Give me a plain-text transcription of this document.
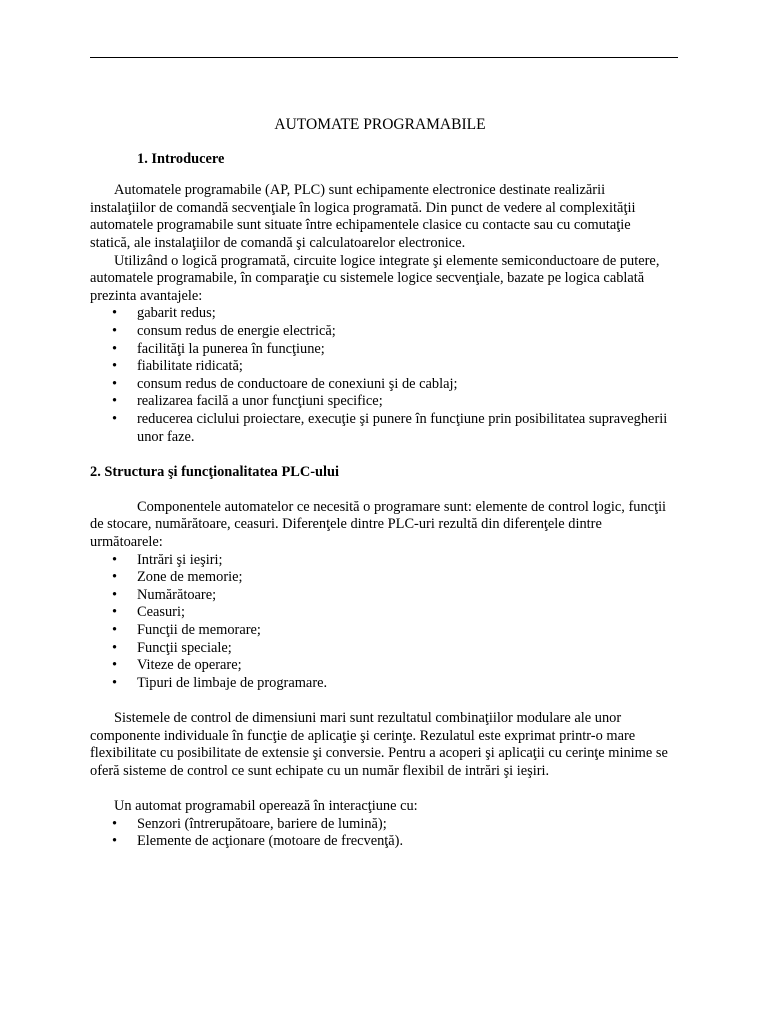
AUTOMATE PROGRAMABILE
1. Introducere

Automatele programabile (AP, PLC) sunt echipamente electronice destinate realizării instalaţiilor de comandă secvenţiale în logica programată. Din punct de vedere al complexităţii automatele programabile sunt situate între echipamentele clasice cu contacte sau cu comutaţie statică, ale instalaţiilor de comandă şi calculatoarelor electronice.

Utilizând o logică programată, circuite logice integrate şi elemente semiconductoare de putere, automatele programabile, în comparaţie cu sistemele logice secvenţiale, bazate pe logica cablată prezinta avantajele:

• gabarit redus;
• consum redus de energie electrică;
• facilităţi la punerea în funcţiune;
• fiabilitate ridicată;
• consum redus de conductoare de conexiuni şi de cablaj;
• realizarea facilă a unor funcţiuni specifice;
• reducerea ciclului proiectare, execuţie şi punere în funcţiune prin posibilitatea supravegherii unor faze.
2. Structura şi funcţionalitatea PLC-ului

Componentele automatelor ce necesită o programare sunt: elemente de control logic, funcţii de stocare, numărătoare, ceasuri. Diferenţele dintre PLC-uri rezultă din diferenţele dintre următoarele:

• Intrări şi ieşiri;
• Zone de memorie;
• Numărătoare;
• Ceasuri;
• Funcţii de memorare;
• Funcţii speciale;
• Viteze de operare;
• Tipuri de limbaje de programare.

Sistemele de control de dimensiuni mari sunt rezultatul combinaţiilor modulare ale unor componente individuale în funcţie de aplicaţie şi cerinţe. Rezulatul este exprimat printr-o mare flexibilitate cu posibilitate de extensie şi conversie. Pentru a acoperi şi aplicaţii cu cerinţe minime se oferă sisteme de control ce sunt echipate cu un număr flexibil de intrări şi ieşiri.

Un automat programabil operează în interacţiune cu:

• Senzori (întrerupătoare, bariere de lumină);
• Elemente de acţionare (motoare de frecvenţă).
